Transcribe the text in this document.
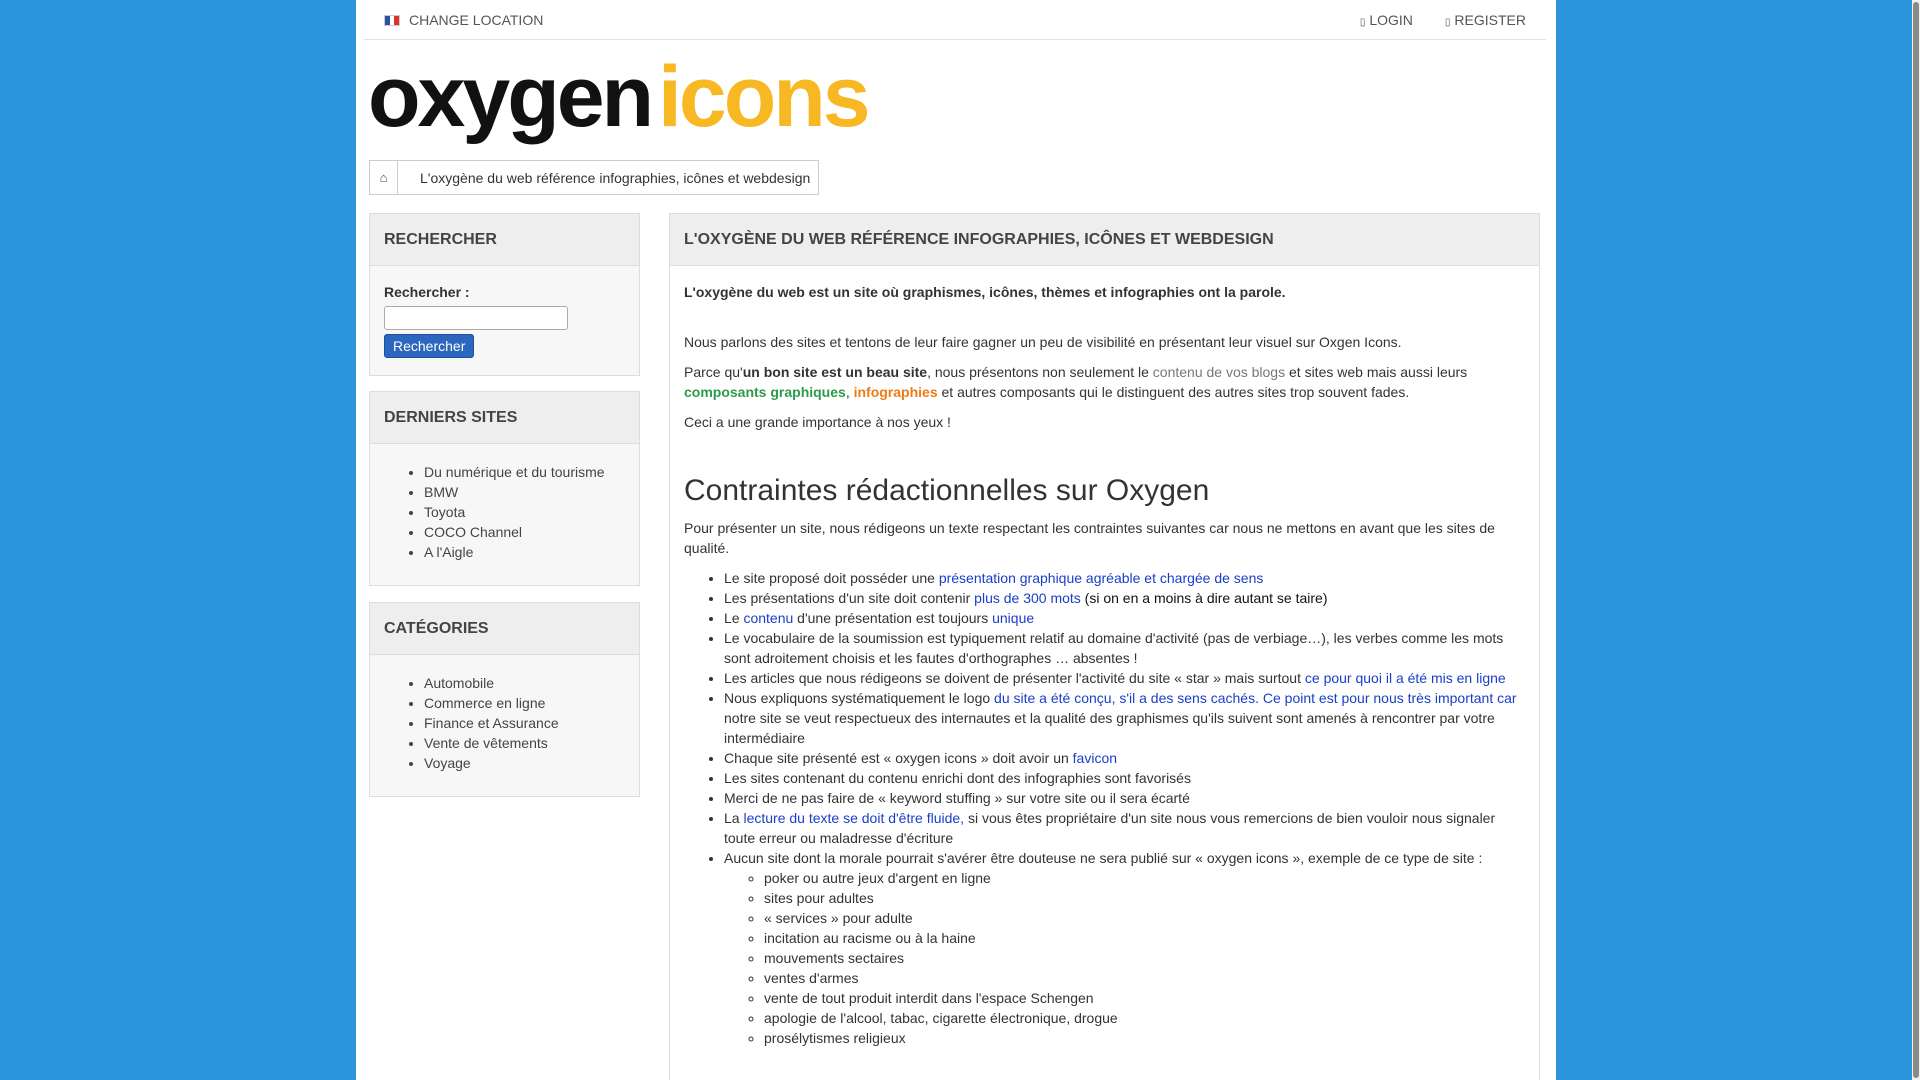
CHANGE LOCATION	▯ LOGIN	▯ REGISTER
oxygen icons
⌂	L'oxygène du web référence infographies, icônes et webdesign
RECHERCHER
Rechercher :
Rechercher
DERNIERS SITES
• Du numérique et du tourisme
• BMW
• Toyota
• COCO Channel
• A l'Aigle
CATÉGORIES
• Automobile
• Commerce en ligne
• Finance et Assurance
• Vente de vêtements
• Voyage
L'OXYGÈNE DU WEB RÉFÉRENCE INFOGRAPHIES, ICÔNES ET WEBDESIGN

L'oxygène du web est un site où graphismes, icônes, thèmes et infographies ont la parole.

Nous parlons des sites et tentons de leur faire gagner un peu de visibilité en présentant leur visuel sur Oxgen Icons.

Parce qu'un bon site est un beau site, nous présentons non seulement le contenu de vos blogs et sites web mais aussi leurs composants graphiques, infographies et autres composants qui le distinguent des autres sites trop souvent fades.

Ceci a une grande importance à nos yeux !

Contraintes rédactionnelles sur Oxygen

Pour présenter un site, nous rédigeons un texte respectant les contraintes suivantes car nous ne mettons en avant que les sites de qualité.

• Le site proposé doit posséder une présentation graphique agréable et chargée de sens
• Les présentations d'un site doit contenir plus de 300 mots (si on en a moins à dire autant se taire)
• Le contenu d'une présentation est toujours unique
• Le vocabulaire de la soumission est typiquement relatif au domaine d'activité (pas de verbiage…), les verbes comme les mots sont adroitement choisis et les fautes d'orthographes … absentes !
• Les articles que nous rédigeons se doivent de présenter l'activité du site « star » mais surtout ce pour quoi il a été mis en ligne
• Nous expliquons systématiquement le logo du site a été conçu, s'il a des sens cachés. Ce point est pour nous très important car notre site se veut respectueux des internautes et la qualité des graphismes qu'ils suivent sont amenés à rencontrer par votre intermédiaire
• Chaque site présenté est « oxygen icons » doit avoir un favicon
• Les sites contenant du contenu enrichi dont des infographies sont favorisés
• Merci de ne pas faire de « keyword stuffing » sur votre site ou il sera écarté
• La lecture du texte se doit d'être fluide, si vous êtes propriétaire d'un site nous vous remercions de bien vouloir nous signaler toute erreur ou maladresse d'écriture
• Aucun site dont la morale pourrait s'avérer être douteuse ne sera publié sur « oxygen icons », exemple de ce type de site :
◦ poker ou autre jeux d'argent en ligne
◦ sites pour adultes
◦ « services » pour adulte
◦ incitation au racisme ou à la haine
◦ mouvements sectaires
◦ ventes d'armes
◦ vente de tout produit interdit dans l'espace Schengen
◦ apologie de l'alcool, tabac, cigarette électronique, drogue
◦ prosélytismes religieux
